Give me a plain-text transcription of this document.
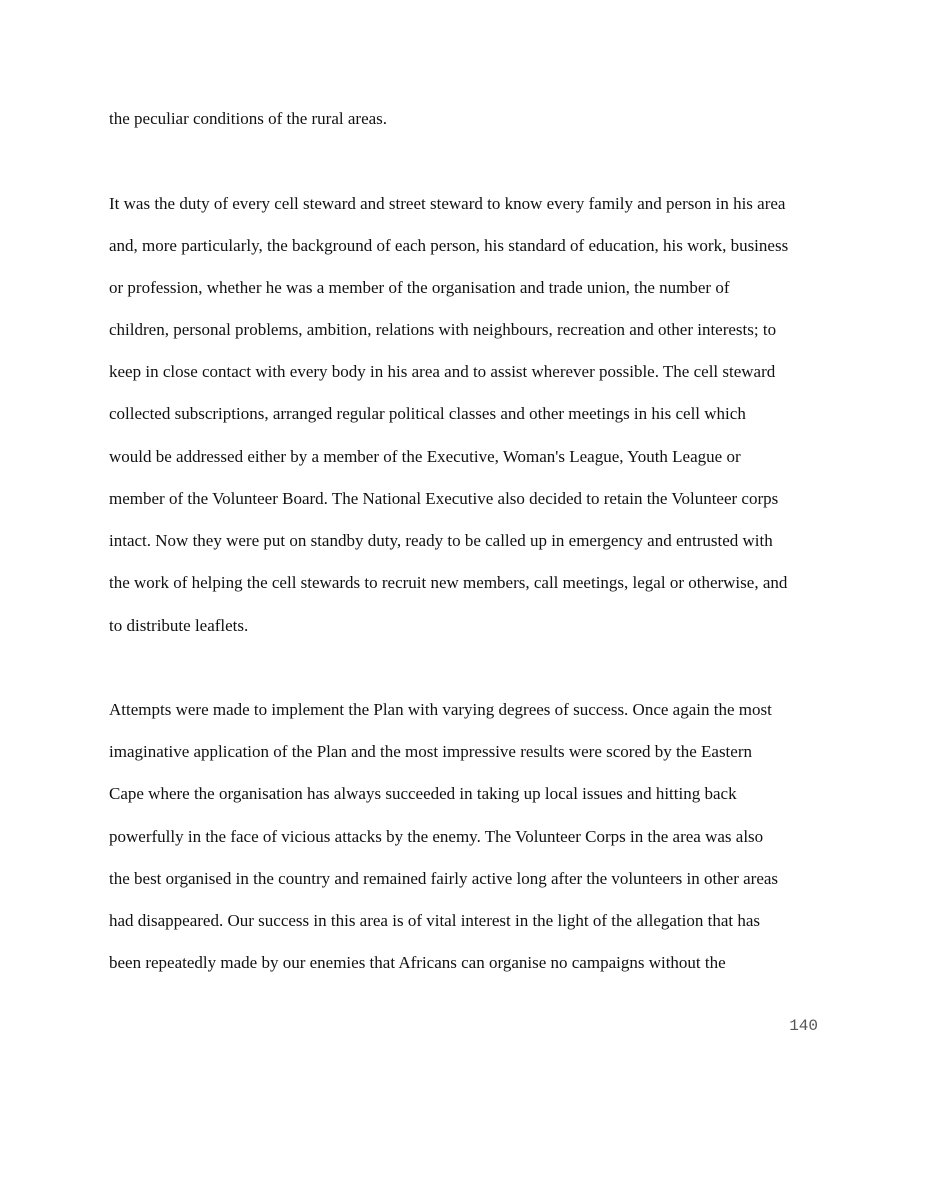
the peculiar conditions of the rural areas.
It was the duty of every cell steward and street steward to know every family and person in his area
and, more particularly, the background of each person, his standard of education, his work, business
or profession, whether he was a member of the organisation and trade union, the number of
children, personal problems, ambition, relations with neighbours, recreation and other interests; to
keep in close contact with every body in his area and to assist wherever possible. The cell steward
collected subscriptions, arranged regular political classes and other meetings in his cell which
would be addressed either by a member of the Executive, Woman's League, Youth League or
member of the Volunteer Board. The National Executive also decided to retain the Volunteer corps
intact. Now they were put on standby duty, ready to be called up in emergency and entrusted with
the work of helping the cell stewards to recruit new members, call meetings, legal or otherwise, and
to distribute leaflets.
Attempts were made to implement the Plan with varying degrees of success. Once again the most
imaginative application of the Plan and the most impressive results were scored by the Eastern
Cape where the organisation has always succeeded in taking up local issues and hitting back
powerfully in the face of vicious attacks by the enemy. The Volunteer Corps in the area was also
the best organised in the country and remained fairly active long after the volunteers in other areas
had disappeared. Our success in this area is of vital interest in the light of the allegation that has
been repeatedly made by our enemies that Africans can organise no campaigns without the
140
